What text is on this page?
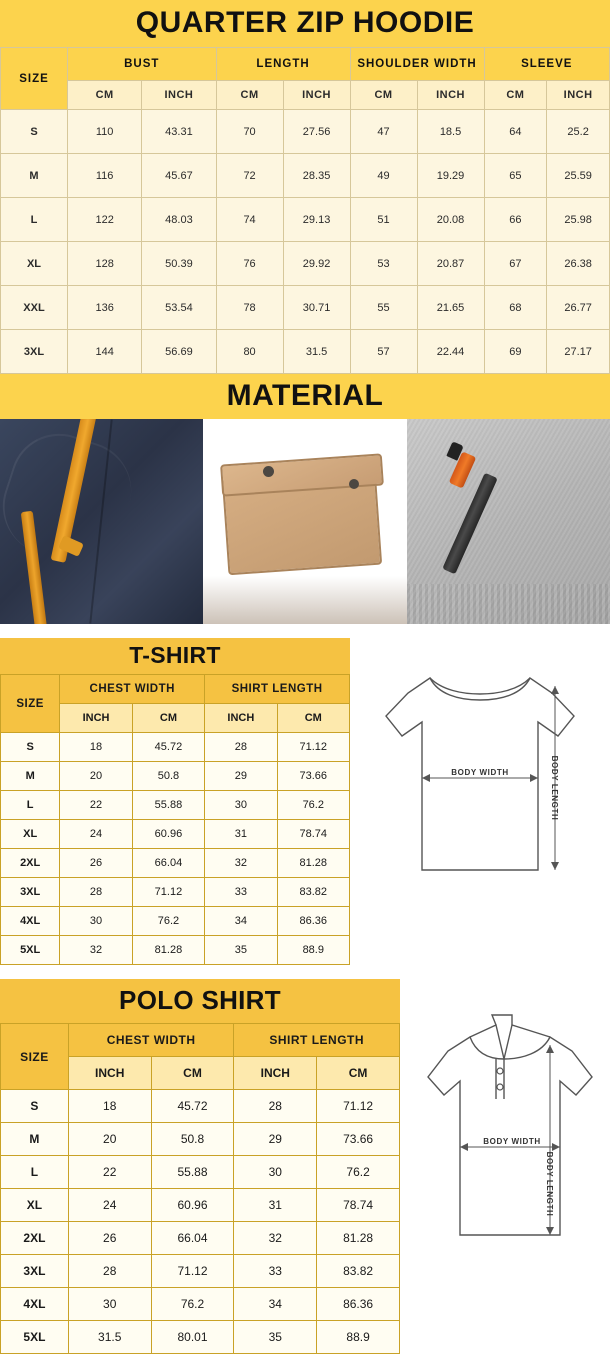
QUARTER ZIP HOODIE
SIZE	BUST		LENGTH		SHOULDER WIDTH		SLEEVE	
	CM	INCH	CM	INCH	CM	INCH	CM	INCH
S	110	43.31	70	27.56	47	18.5	64	25.2
M	116	45.67	72	28.35	49	19.29	65	25.59
L	122	48.03	74	29.13	51	20.08	66	25.98
XL	128	50.39	76	29.92	53	20.87	67	26.38
XXL	136	53.54	78	30.71	55	21.65	68	26.77
3XL	144	56.69	80	31.5	57	22.44	69	27.17
MATERIAL
T-SHIRT
SIZE	CHEST WIDTH		SHIRT LENGTH	
	INCH	CM	INCH	CM
S	18	45.72	28	71.12
M	20	50.8	29	73.66
L	22	55.88	30	76.2
XL	24	60.96	31	78.74
2XL	26	66.04	32	81.28
3XL	28	71.12	33	83.82
4XL	30	76.2	34	86.36
5XL	32	81.28	35	88.9
BODY WIDTH	BODY LENGTH
POLO SHIRT
SIZE	CHEST WIDTH		SHIRT LENGTH	
	INCH	CM	INCH	CM
S	18	45.72	28	71.12
M	20	50.8	29	73.66
L	22	55.88	30	76.2
XL	24	60.96	31	78.74
2XL	26	66.04	32	81.28
3XL	28	71.12	33	83.82
4XL	30	76.2	34	86.36
5XL	31.5	80.01	35	88.9
BODY WIDTH
BODY LENGTH
